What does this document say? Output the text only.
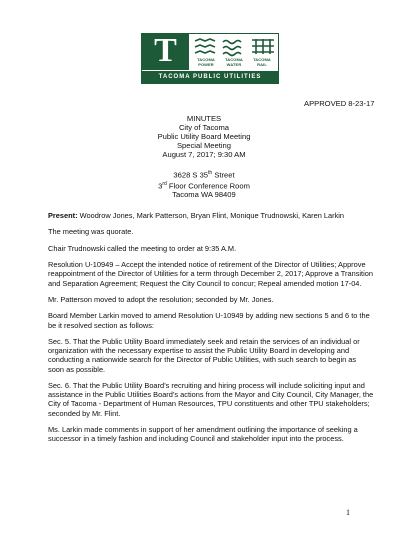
T	TACOMA POWER
TACOMA WATER
TACOMA RAIL
TACOMA PUBLIC UTILITIES
APPROVED 8-23-17
MINUTES
City of Tacoma
Public Utility Board Meeting
Special Meeting
August 7, 2017; 9:30 AM
3628 S 35th Street
3rd Floor Conference Room
Tacoma WA 98409

Present: Woodrow Jones, Mark Patterson, Bryan Flint, Monique Trudnowski, Karen Larkin

The meeting was quorate.

Chair Trudnowski called the meeting to order at 9:35 A.M.

Resolution U-10949 – Accept the intended notice of retirement of the Director of Utilities; Approve reappointment of the Director of Utilities for a term through December 2, 2017; Approve a Transition and Separation Agreement; Request the City Council to concur; Repeal amended motion 17-04.

Mr. Patterson moved to adopt the resolution; seconded by Mr. Jones.

Board Member Larkin moved to amend Resolution U-10949 by adding new sections 5 and 6 to the be it resolved section as follows:

Sec. 5. That the Public Utility Board immediately seek and retain the services of an individual or organization with the necessary expertise to assist the Public Utility Board in developing and conducting a nationwide search for the Director of Public Utilities, with such search to begin as soon as possible.

Sec. 6. That the Public Utility Board’s recruiting and hiring process will include soliciting input and assistance in the Public Utilities Board’s actions from the Mayor and City Council, City Manager, the City of Tacoma - Department of Human Resources, TPU constituents and other TPU stakeholders; seconded by Mr. Flint.

Ms. Larkin made comments in support of her amendment outlining the importance of seeking a successor in a timely fashion and including Council and stakeholder input into the process.

1
